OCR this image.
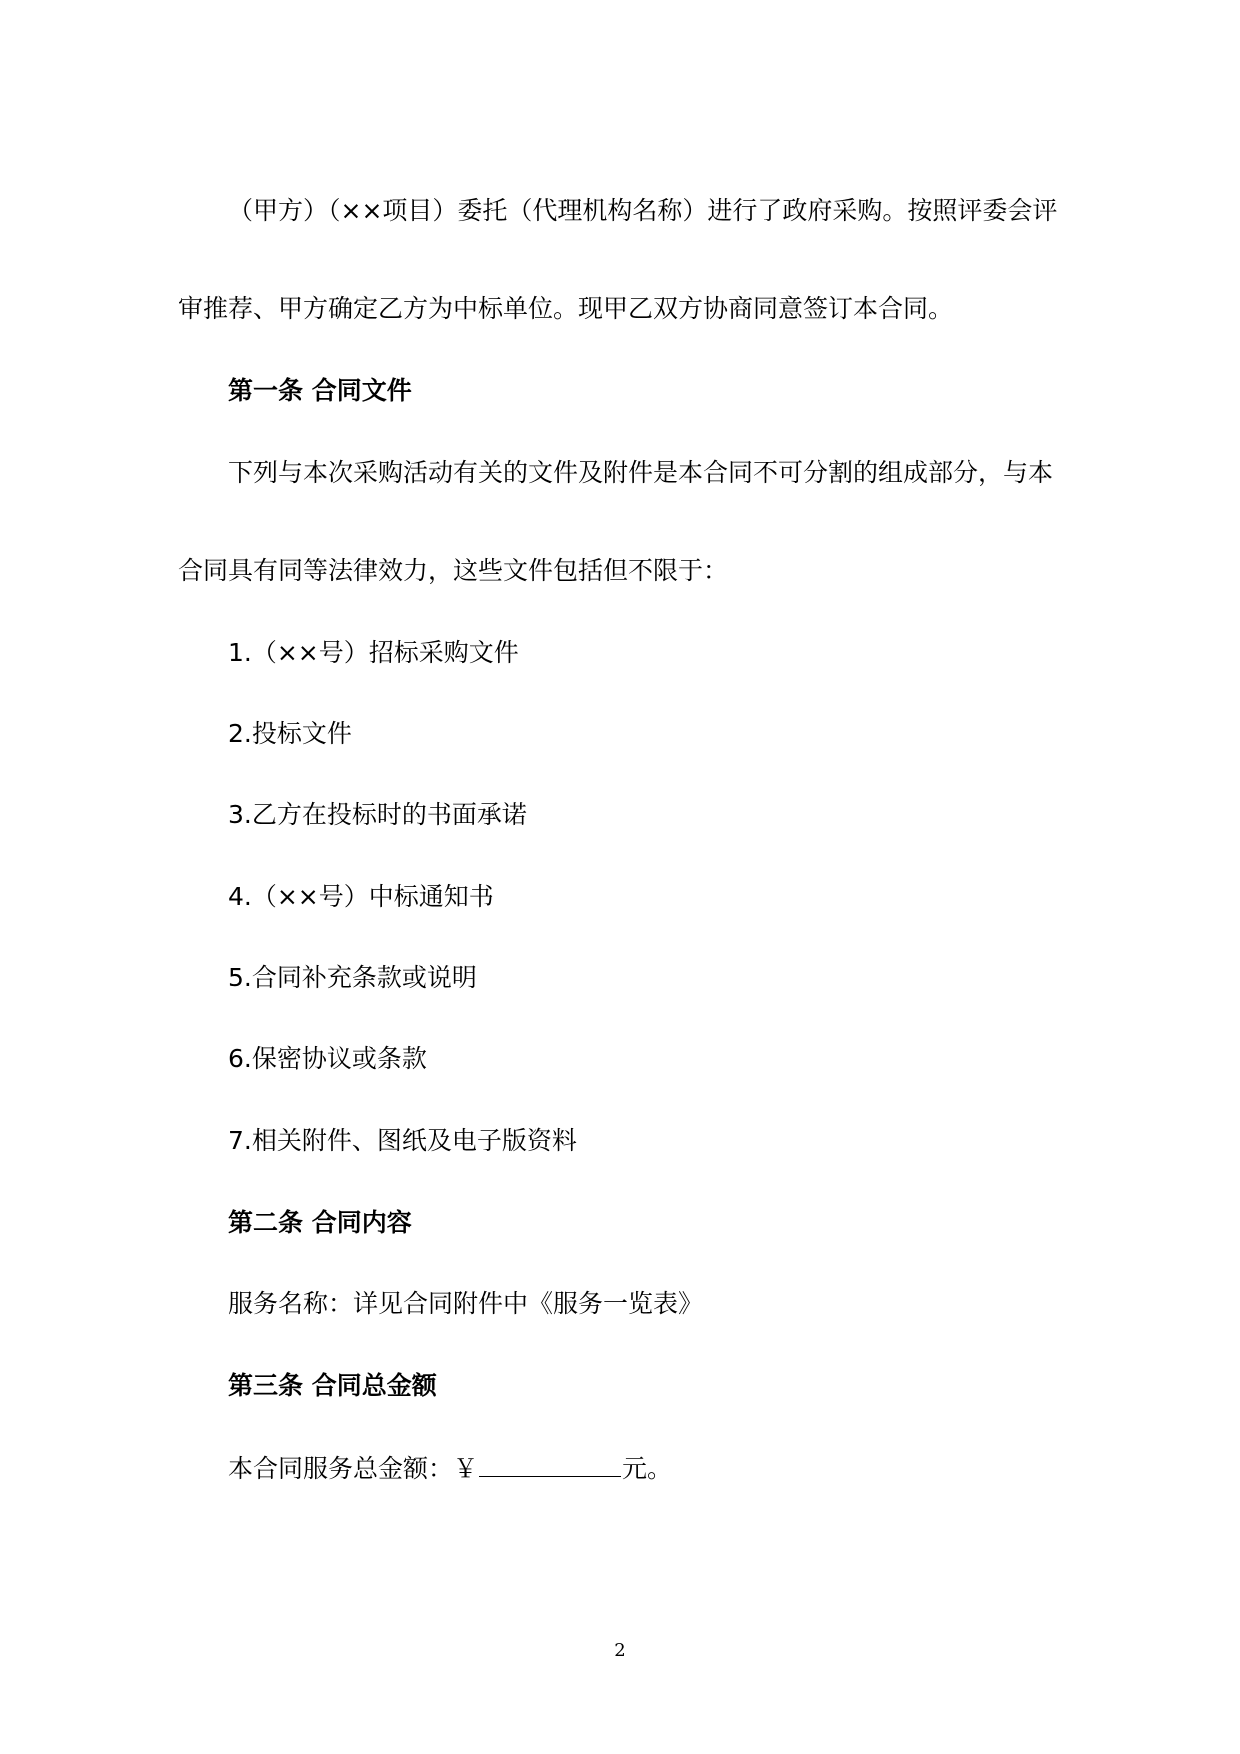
（甲方）（××项目）委托（代理机构名称）进行了政府采购。按照评委会评
审推荐、甲方确定乙方为中标单位。现甲乙双方协商同意签订本合同。
第一条 合同文件
下列与本次采购活动有关的文件及附件是本合同不可分割的组成部分，与本
合同具有同等法律效力，这些文件包括但不限于：
1.（××号）招标采购文件
2.投标文件
3.乙方在投标时的书面承诺
4.（××号）中标通知书
5.合同补充条款或说明
6.保密协议或条款
7.相关附件、图纸及电子版资料
第二条 合同内容
服务名称：详见合同附件中《服务一览表》
第三条 合同总金额
本合同服务总金额：￥	元。
2
